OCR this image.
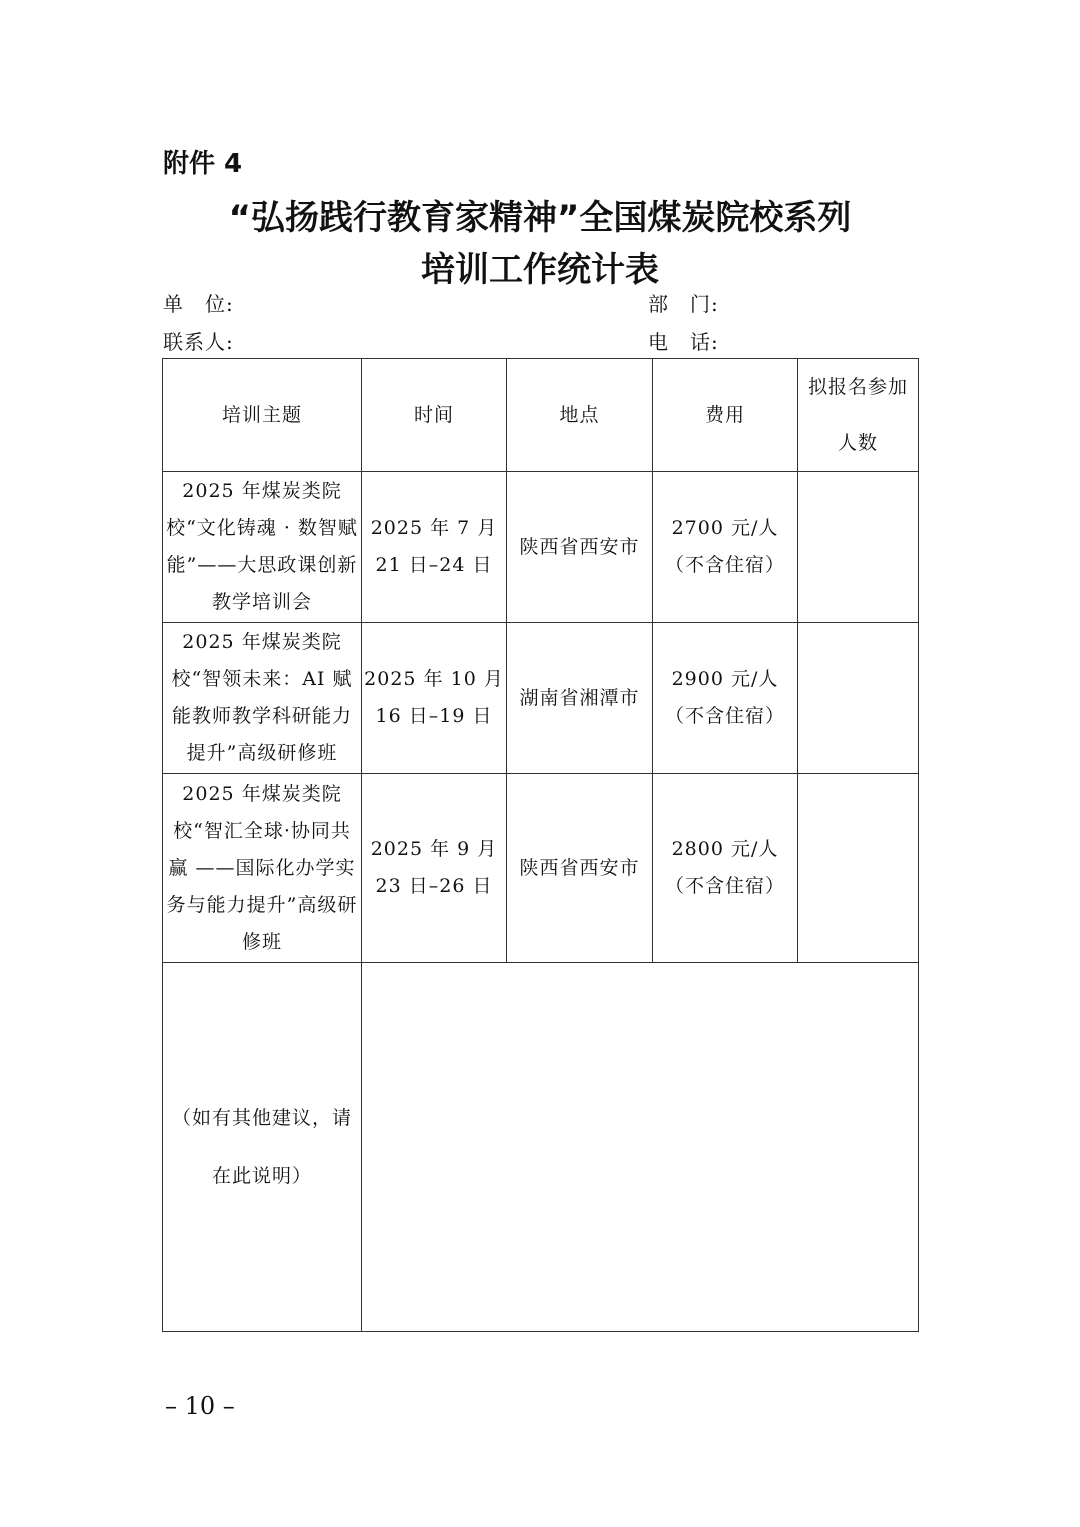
附件 4
“弘扬践行教育家精神”全国煤炭院校系列
培训工作统计表
单　位:	部　门:
联系人:	电　话:
培训主题	时间	地点	费用	拟报名参加人数
2025 年煤炭类院校“文化铸魂 · 数智赋能”——大思政课创新教学培训会	2025 年 7 月 21 日–24 日	陕西省西安市	2700 元/人（不含住宿）	
2025 年煤炭类院校“智领未来：AI 赋能教师教学科研能力提升”高级研修班	2025 年 10 月 16 日–19 日	湖南省湘潭市	2900 元/人（不含住宿）	
2025 年煤炭类院校“智汇全球·协同共赢 ——国际化办学实务与能力提升”高级研修班	2025 年 9 月 23 日–26 日	陕西省西安市	2800 元/人（不含住宿）	
（如有其他建议，请在此说明）				
– 10 –
